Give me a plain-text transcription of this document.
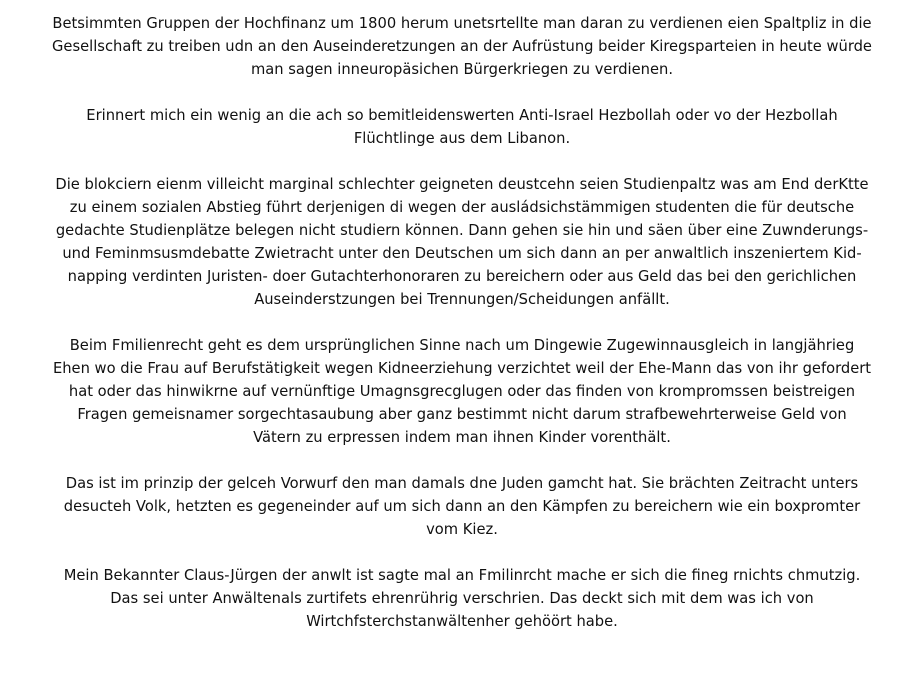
Betsimmten Gruppen der Hochfinanz um 1800 herum unetsrtellte man daran zu verdienen eien Spaltpliz in die
Gesellschaft zu treiben udn an den Auseinderetzungen an der Aufrüstung beider Kiregsparteien in heute würde
man sagen inneuropäsichen Bürgerkriegen zu verdienen.

Erinnert mich ein wenig an die ach so bemitleidenswerten Anti-Israel Hezbollah oder vo der Hezbollah
Flüchtlinge aus dem Libanon.

Die blokciern eienm villeicht marginal schlechter geigneten deustcehn seien Studienpaltz was am End derKtte
zu einem sozialen Abstieg führt derjenigen di wegen der ausládsichstämmigen studenten die für deutsche
gedachte Studienplätze belegen nicht studiern können. Dann gehen sie hin und säen über eine Zuwnderungs-
und Feminmsusmdebatte Zwietracht unter den Deutschen um sich dann an per anwaltlich inszeniertem Kid-
napping verdinten Juristen- doer Gutachterhonoraren zu bereichern oder aus Geld das bei den gerichlichen
Auseinderstzungen bei Trennungen/Scheidungen anfällt.

Beim Fmilienrecht geht es dem ursprünglichen Sinne nach um Dingewie Zugewinnausgleich in langjährieg
Ehen wo die Frau auf Berufstätigkeit wegen Kidneerziehung verzichtet weil der Ehe-Mann das von ihr gefordert
hat oder das hinwikrne auf vernünftige Umagnsgrecglugen oder das finden von krompromssen beistreigen
Fragen gemeisnamer sorgechtasaubung aber ganz bestimmt nicht darum strafbewehrterweise Geld von
Vätern zu erpressen indem man ihnen Kinder vorenthält.

Das ist im prinzip der gelceh Vorwurf den man damals dne Juden gamcht hat. Sie brächten Zeitracht unters
desucteh Volk, hetzten es gegeneinder auf um sich dann an den Kämpfen zu bereichern wie ein boxpromter
vom Kiez.

Mein Bekannter Claus-Jürgen der anwlt ist sagte mal an Fmilinrcht mache er sich die fineg rnichts chmutzig.
Das sei unter Anwältenals zurtifets ehrenrührig verschrien. Das deckt sich mit dem was ich von
Wirtchfsterchstanwältenher gehöört habe.
